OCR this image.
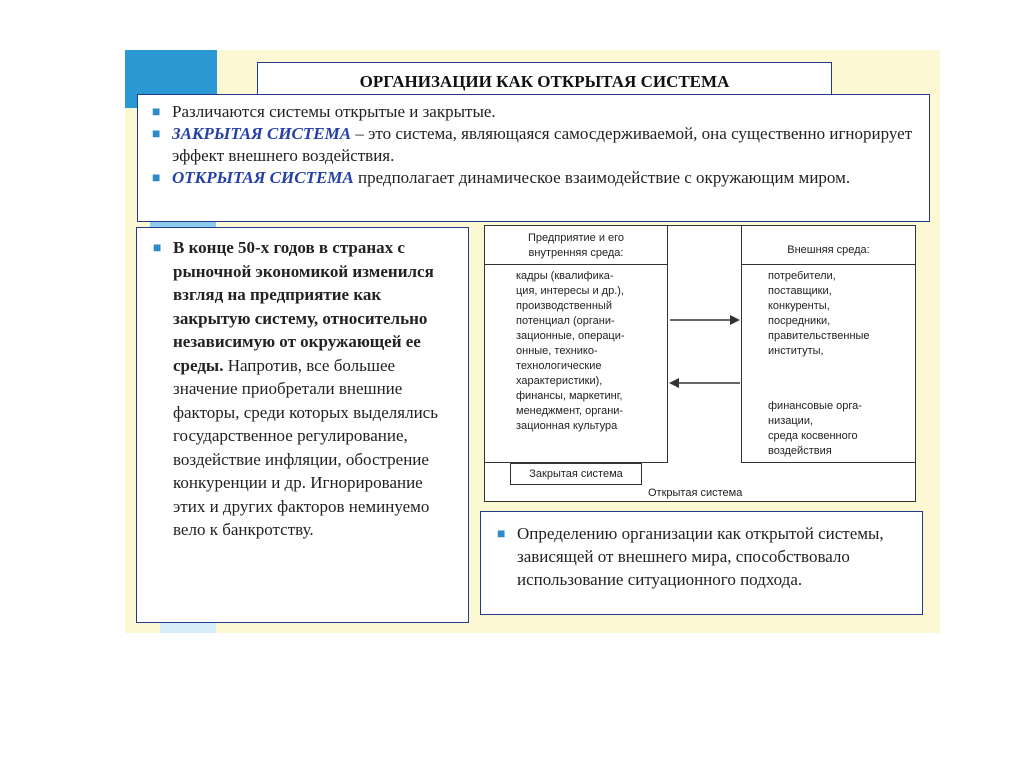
ОРГАНИЗАЦИИ КАК ОТКРЫТАЯ СИСТЕМА
■ Различаются системы открытые и закрытые.
■ ЗАКРЫТАЯ СИСТЕМА – это система, являющаяся самосдерживаемой, она существенно игнорирует эффект внешнего воздействия.
■ ОТКРЫТАЯ СИСТЕМА предполагает динамическое взаимодействие с окружающим миром.
■ В конце 50-х годов в странах с рыночной экономикой изменился взгляд на предприятие как закрытую систему, относительно независимую от окружающей ее среды. Напротив, все большее значение приобретали внешние факторы, среди которых выделялись государственное регулирование, воздействие инфляции, обострение конкуренции и др. Игнорирование этих и других факторов неминуемо вело к банкротству.
Предприятие и его
внутренняя среда:
кадры (квалифика-
ция, интересы и др.),
производственный
потенциал (органи-
зационные, операци-
онные, технико-
технологические
характеристики),
финансы, маркетинг,
менеджмент, органи-
зационная культура
Внешняя среда:
потребители,
поставщики,
конкуренты,
посредники,
правительственные
институты,
финансовые орга-
низации,
среда косвенного
воздействия
Закрытая система
Открытая система
■ Определению организации как открытой системы, зависящей от внешнего мира, способствовало использование ситуационного подхода.
